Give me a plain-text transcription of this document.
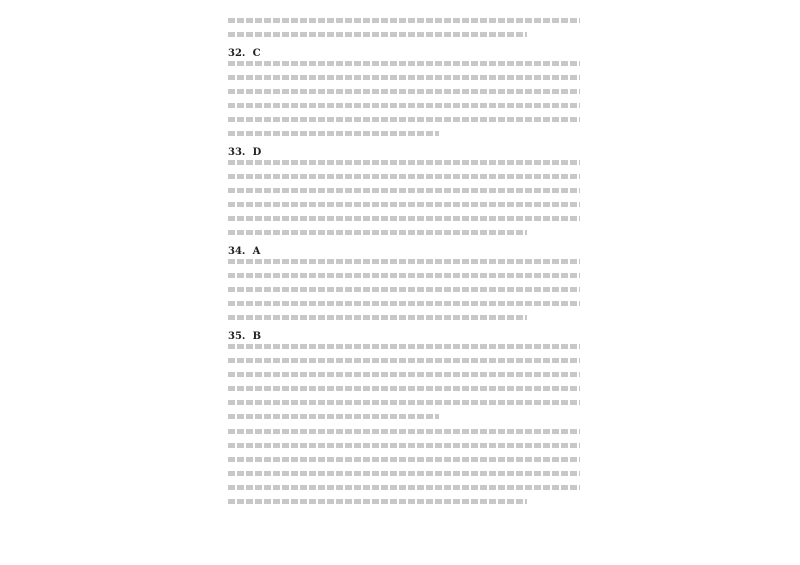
32. C
33. D
34. A
35. B
